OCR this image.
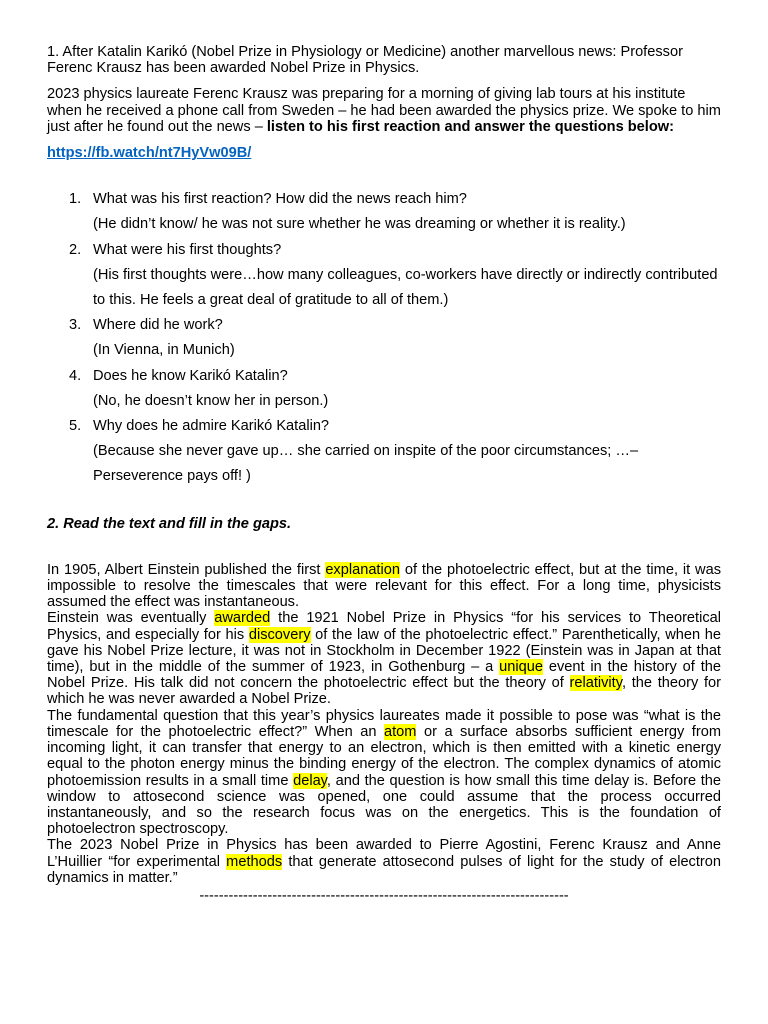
1. After Katalin Karikó (Nobel Prize in Physiology or Medicine) another marvellous news: Professor Ferenc Krausz has been awarded Nobel Prize in Physics.

2023 physics laureate Ferenc Krausz was preparing for a morning of giving lab tours at his institute when he received a phone call from Sweden – he had been awarded the physics prize. We spoke to him just after he found out the news – listen to his first reaction and answer the questions below:

https://fb.watch/nt7HyVw09B/
1. What was his first reaction? How did the news reach him?
(He didn’t know/ he was not sure whether he was dreaming or whether it is reality.)
2. What were his first thoughts?
(His first thoughts were…how many colleagues, co-workers have directly or indirectly contributed to this. He feels a great deal of gratitude to all of them.)
3. Where did he work?
(In Vienna, in Munich)
4. Does he know Karikó Katalin?
(No, he doesn’t know her in person.)
5. Why does he admire Karikó Katalin?
(Because she never gave up… she carried on inspite of the poor circumstances; …– Perseverence pays off! )

2. Read the text and fill in the gaps.

In 1905, Albert Einstein published the first explanation of the photoelectric effect, but at the time, it was impossible to resolve the timescales that were relevant for this effect. For a long time, physicists assumed the effect was instantaneous.

Einstein was eventually awarded the 1921 Nobel Prize in Physics “for his services to Theoretical Physics, and especially for his discovery of the law of the photoelectric effect.” Parenthetically, when he gave his Nobel Prize lecture, it was not in Stockholm in December 1922 (Einstein was in Japan at that time), but in the middle of the summer of 1923, in Gothenburg – a unique event in the history of the Nobel Prize. His talk did not concern the photoelectric effect but the theory of relativity, the theory for which he was never awarded a Nobel Prize.

The fundamental question that this year’s physics laureates made it possible to pose was “what is the timescale for the photoelectric effect?” When an atom or a surface absorbs sufficient energy from incoming light, it can transfer that energy to an electron, which is then emitted with a kinetic energy equal to the photon energy minus the binding energy of the electron. The complex dynamics of atomic photoemission results in a small time delay, and the question is how small this time delay is. Before the window to attosecond science was opened, one could assume that the process occurred instantaneously, and so the research focus was on the energetics. This is the foundation of photoelectron spectroscopy.

The 2023 Nobel Prize in Physics has been awarded to Pierre Agostini, Ferenc Krausz and Anne L’Huillier “for experimental methods that generate attosecond pulses of light for the study of electron dynamics in matter.”

----------------------------------------------------------------------------
